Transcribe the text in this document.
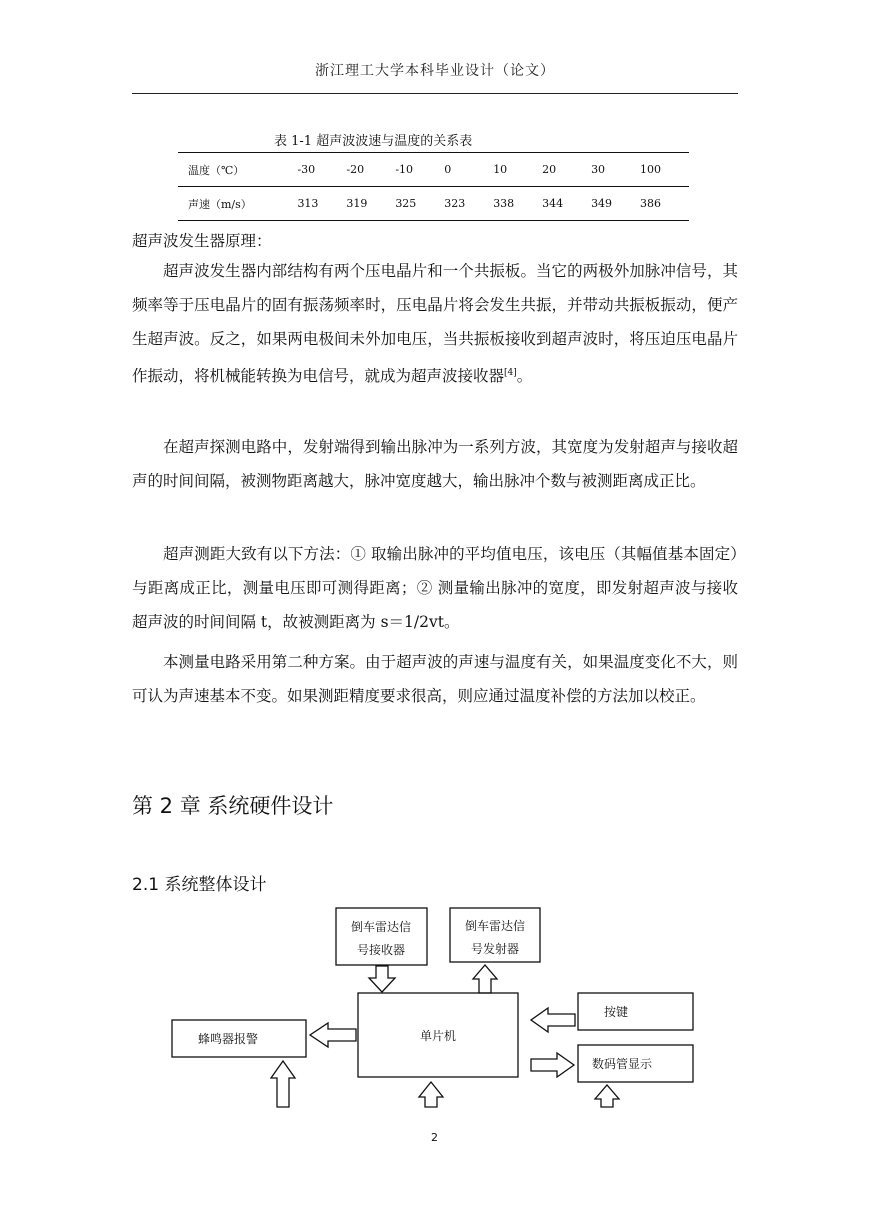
浙江理工大学本科毕业设计（论文）
表 1-1 超声波波速与温度的关系表
温度（℃）	-30	-20	-10	0	10	20	30	100
声速（m/s）	313	319	325	323	338	344	349	386
超声波发生器原理：

超声波发生器内部结构有两个压电晶片和一个共振板。当它的两极外加脉冲信号，其频率等于压电晶片的固有振荡频率时，压电晶片将会发生共振，并带动共振板振动，便产生超声波。反之，如果两电极间未外加电压，当共振板接收到超声波时，将压迫压电晶片作振动，将机械能转换为电信号，就成为超声波接收器[4]。

在超声探测电路中，发射端得到输出脉冲为一系列方波，其宽度为发射超声与接收超声的时间间隔，被测物距离越大，脉冲宽度越大，输出脉冲个数与被测距离成正比。

超声测距大致有以下方法：① 取输出脉冲的平均值电压，该电压（其幅值基本固定）与距离成正比，测量电压即可测得距离；② 测量输出脉冲的宽度，即发射超声波与接收超声波的时间间隔 t，故被测距离为 s＝1/2vt。

本测量电路采用第二种方案。由于超声波的声速与温度有关，如果温度变化不大，则可认为声速基本不变。如果测距精度要求很高，则应通过温度补偿的方法加以校正。

第 2 章 系统硬件设计
2.1 系统整体设计
倒车雷达信
号接收器
倒车雷达信
号发射器
单片机
蜂鸣器报警
按键
数码管显示
2
